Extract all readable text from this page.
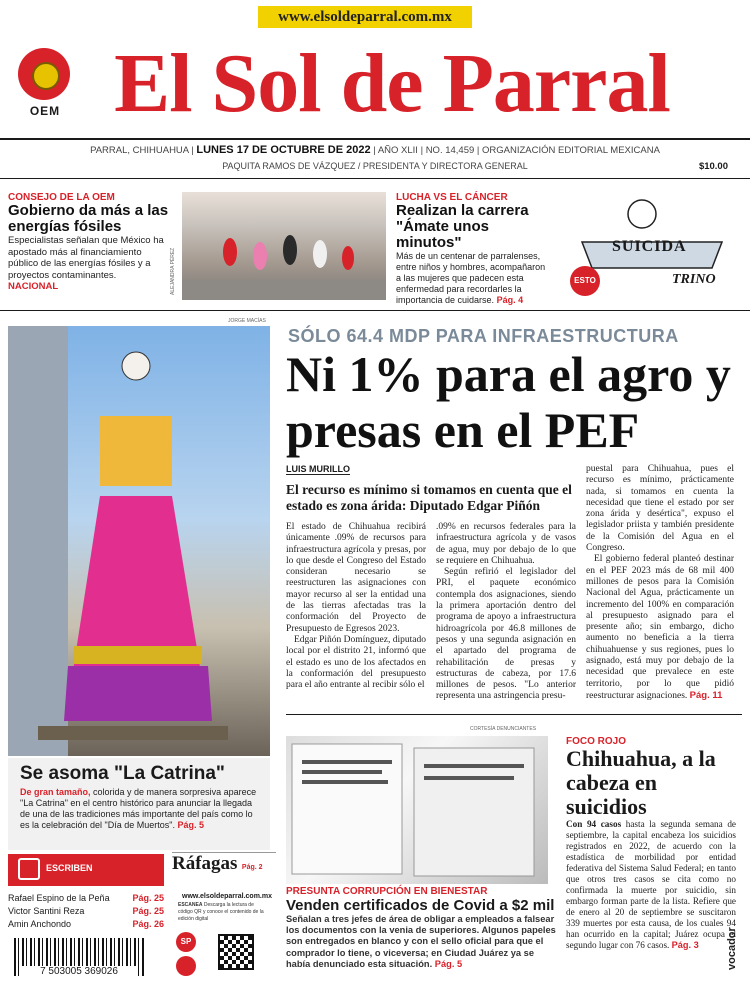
www.elsoldeparral.com.mx
OEM El Sol de Parral
PARRAL, CHIHUAHUA | LUNES 17 DE OCTUBRE DE 2022 | AÑO XLII | NO. 14,459 | ORGANIZACIÓN EDITORIAL MEXICANA
PAQUITA RAMOS DE VÁZQUEZ / PRESIDENTA Y DIRECTORA GENERAL	$10.00
CONSEJO DE LA OEM
Gobierno da más a las energías fósiles
Especialistas señalan que México ha apostado más al financiamiento público de las energías fósiles y a proyectos contaminantes.
NACIONAL	ALEJANDRA PÉREZ
LUCHA VS EL CÁNCER
Realizan la carrera "Ámate unos minutos"
Más de un centenar de parralenses, entre niños y hombres, acompañaron a las mujeres que padecen esta enfermedad para recordarles la importancia de cuidarse. Pág. 4
SUICIDA
TRINO
ESTO
JORGE MACÍAS
Se asoma "La Catrina"
De gran tamaño, colorida y de manera sorpresiva aparece "La Catrina" en el centro histórico para anunciar la llegada de una de las tradiciones más importante del país como lo es la celebración del "Día de Muertos". Pág. 5
SÓLO 64.4 MDP PARA INFRAESTRUCTURA
Ni 1% para el agro y presas en el PEF
LUIS MURILLO
El recurso es mínimo si tomamos en cuenta que el estado es zona árida: Diputado Edgar Piñón

El estado de Chihuahua recibirá únicamente .09% de recursos para infraestructura agrícola y presas, por lo que desde el Congreso del Estado consideran necesario se reestructuren las asignaciones con mayor recurso al ser la entidad una de las tierras afectadas tras la conformación del Proyecto de Presupuesto de Egresos 2023.

Edgar Piñón Domínguez, diputado local por el distrito 21, informó que el estado es uno de los afectados en la conformación del presupuesto para el año entrante al recibir sólo el

.09% en recursos federales para la infraestructura agrícola y de vasos de agua, muy por debajo de lo que se requiere en Chihuahua.

Según refirió el legislador del PRI, el paquete económico contempla dos asignaciones, siendo la primera aportación dentro del programa de apoyo a infraestructura hidroagrícola por 46.8 millones de pesos y una segunda asignación en el apartado del programa de rehabilitación de presas y estructuras de cabeza, por 17.6 millones de pesos. "Lo anterior representa una astringencia presu-

puestal para Chihuahua, pues el recurso es mínimo, prácticamente nada, si tomamos en cuenta la necesidad que tiene el estado por ser zona árida y desértica", expuso el legislador priista y también presidente de la Comisión del Agua en el Congreso.

El gobierno federal planteó destinar en el PEF 2023 más de 68 mil 400 millones de pesos para la Comisión Nacional del Agua, prácticamente un incremento del 100% en comparación al presupuesto asignado para el presente año; sin embargo, dicho aumento no beneficia a la tierra chihuahuense y sus regiones, pues lo asignado, está muy por debajo de la necesidad que prevalece en este territorio, por lo que pidió reestructurar asignaciones. Pág. 11

CORTESÍA DENUNCIANTES
PRESUNTA CORRUPCIÓN EN BIENESTAR
Venden certificados de Covid a $2 mil
Señalan a tres jefes de área de obligar a empleados a falsear los documentos con la venia de superiores. Algunos papeles son entregados en blanco y con el sello oficial para que el comprador lo tiene, o viceversa; en Ciudad Juárez ya se había denunciado esta situación. Pág. 5
FOCO ROJO
Chihuahua, a la cabeza en suicidios
Con 94 casos hasta la segunda semana de septiembre, la capital encabeza los suicidios registrados en 2022, de acuerdo con la estadística de morbilidad por entidad federativa del Sistema Salud Federal; en tanto que otros tres casos se cita como no confirmada la muerte por suicidio, sin embargo forman parte de la lista. Refiere que de enero al 20 de septiembre se suscitaron 339 muertes por esta causa, de los cuales 94 han ocurrido en la capital; Juárez ocupa el segundo lugar con 76 casos. Pág. 3	vocador
ESCRIBEN
Rafael Espino de la Peña	Pág. 25
Victor Santini Reza	Pág. 25
Amin Anchondo	Pág. 26
7 503005 369026
Ráfagas Pág. 2
www.elsoldeparral.com.mx
ESCANEA Descarga la lectura de código QR y conoce el contenido de la edición digital
SP
